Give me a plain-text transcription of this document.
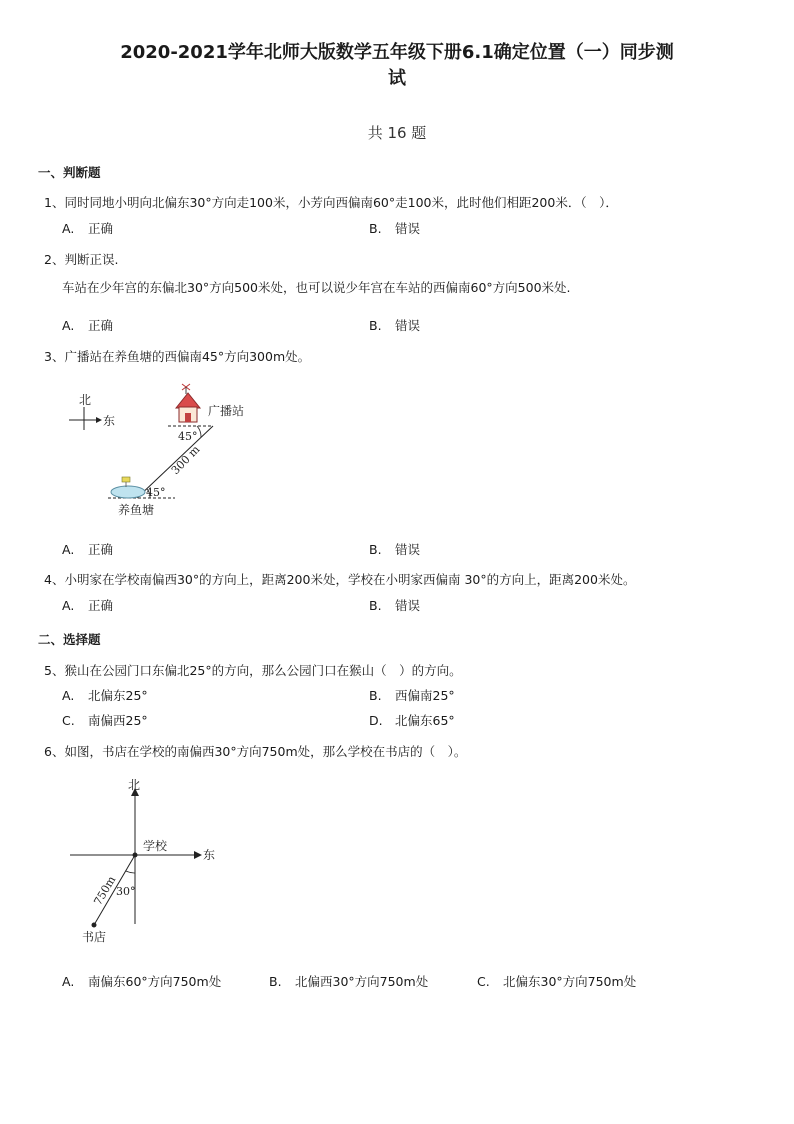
2020-2021学年北师大版数学五年级下册6.1确定位置（一）同步测
试
共 16 题
一、判断题
1、同时同地小明向北偏东30°方向走100米，小芳向西偏南60°走100米，此时他们相距200米．（　）．
A. 正确	B. 错误
2、判断正误.
车站在少年宫的东偏北30°方向500米处，也可以说少年宫在车站的西偏南60°方向500米处.
A. 正确	B. 错误
3、广播站在养鱼塘的西偏南45°方向300m处。
北
东
广播站
45°
45°
300 m
养鱼塘
A. 正确	B. 错误
4、小明家在学校南偏西30°的方向上，距离200米处，学校在小明家西偏南 30°的方向上，距离200米处。
A. 正确	B. 错误
二、选择题
5、猴山在公园门口东偏北25°的方向，那么公园门口在猴山（　）的方向。
A. 北偏东25°	B. 西偏南25°
C. 南偏西25°	D. 北偏东65°
6、如图，书店在学校的南偏西30°方向750m处，那么学校在书店的（　）。
北
东
学校
30°
750m
书店
A. 南偏东60°方向750m处	B. 北偏西30°方向750m处	C. 北偏东30°方向750m处
